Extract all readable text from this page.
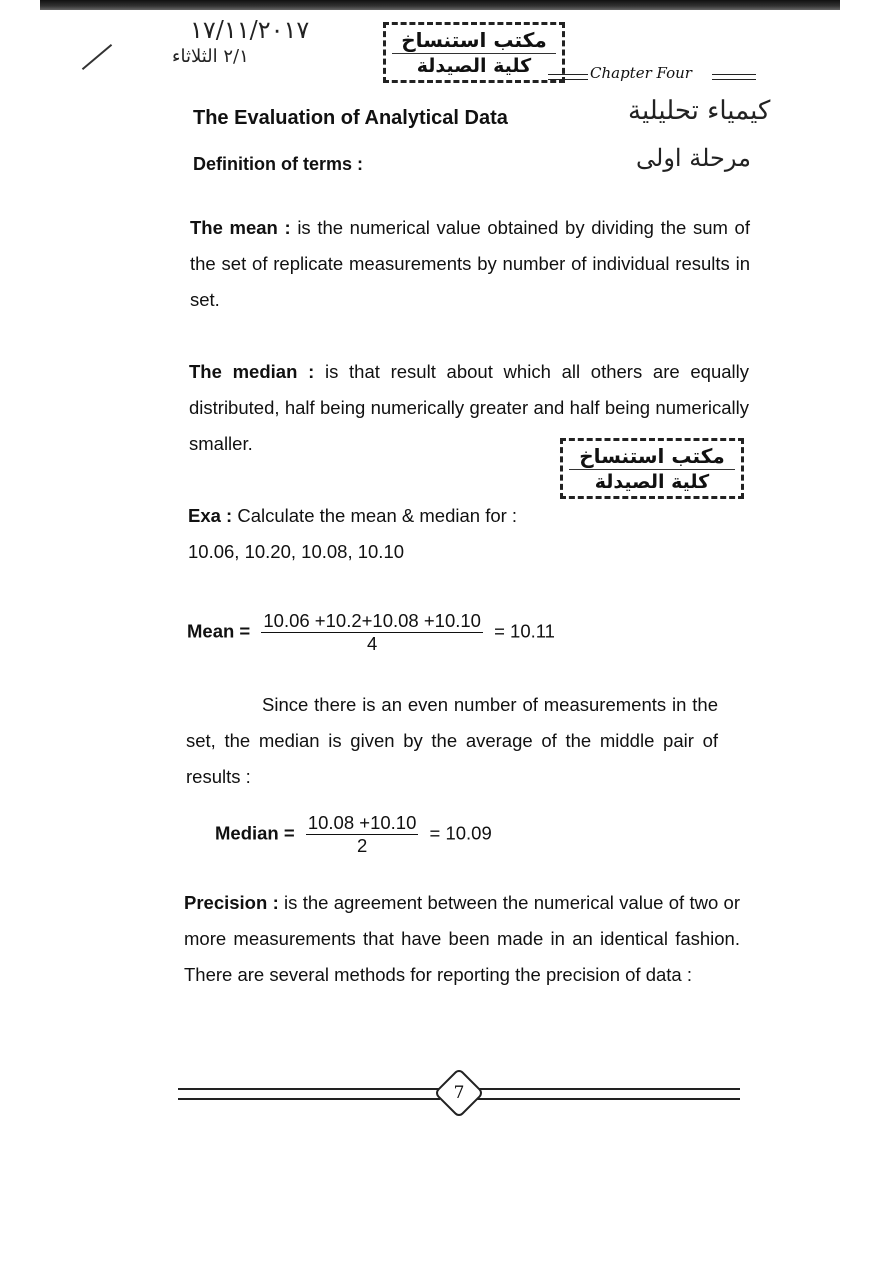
١٧/١١/٢٠١٧
٢/١ الثلاثاء
كيمياء تحليلية
مرحلة اولى
مكتب استنساخ
كلية الصيدلة	Chapter Four
The Evaluation of Analytical Data
Definition of terms :
The mean : is the numerical value obtained by dividing the sum of the set of replicate measurements by number of individual results in set.
The median : is that result about which all others are equally distributed, half being numerically greater and half being numerically smaller.
مكتب استنساخ
كلية الصيدلة
Exa : Calculate the mean & median for :
10.06, 10.20, 10.08, 10.10
Mean = $\frac{10.06 +10.2+10.08 +10.10}{4} = 10.11$
Since there is an even number of measurements in the set, the median is given by the average of the middle pair of results :
Median = $\frac{10.08 +10.10}{2} = 10.09$
Precision : is the agreement between the numerical value of two or more measurements that have been made in an identical fashion. There are several methods for reporting the precision of data :
7
